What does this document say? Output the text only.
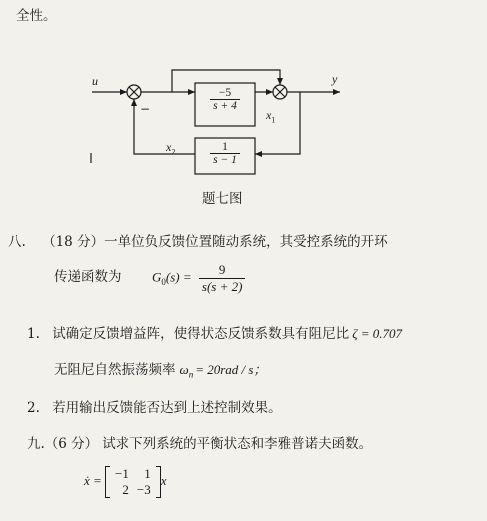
全性。
u	y
−	$\frac{-5}{s + 4}$
$\frac{1}{s - 1}$
$x_1$
$x_2$
题七图
八. （18 分）一单位负反馈位置随动系统，其受控系统的开环
传递函数为 $G_0(s) = \frac{9}{s(s + 2)}$
1. 试确定反馈增益阵，使得状态反馈系数具有阻尼比 ζ = 0.707
无阻尼自然振荡频率 $\omega_n = 20rad / s$；
2. 若用输出反馈能否达到上述控制效果。
九.（6 分） 试求下列系统的平衡状态和李雅普诺夫函数。
ẋ = −1	1
2	−3
x
